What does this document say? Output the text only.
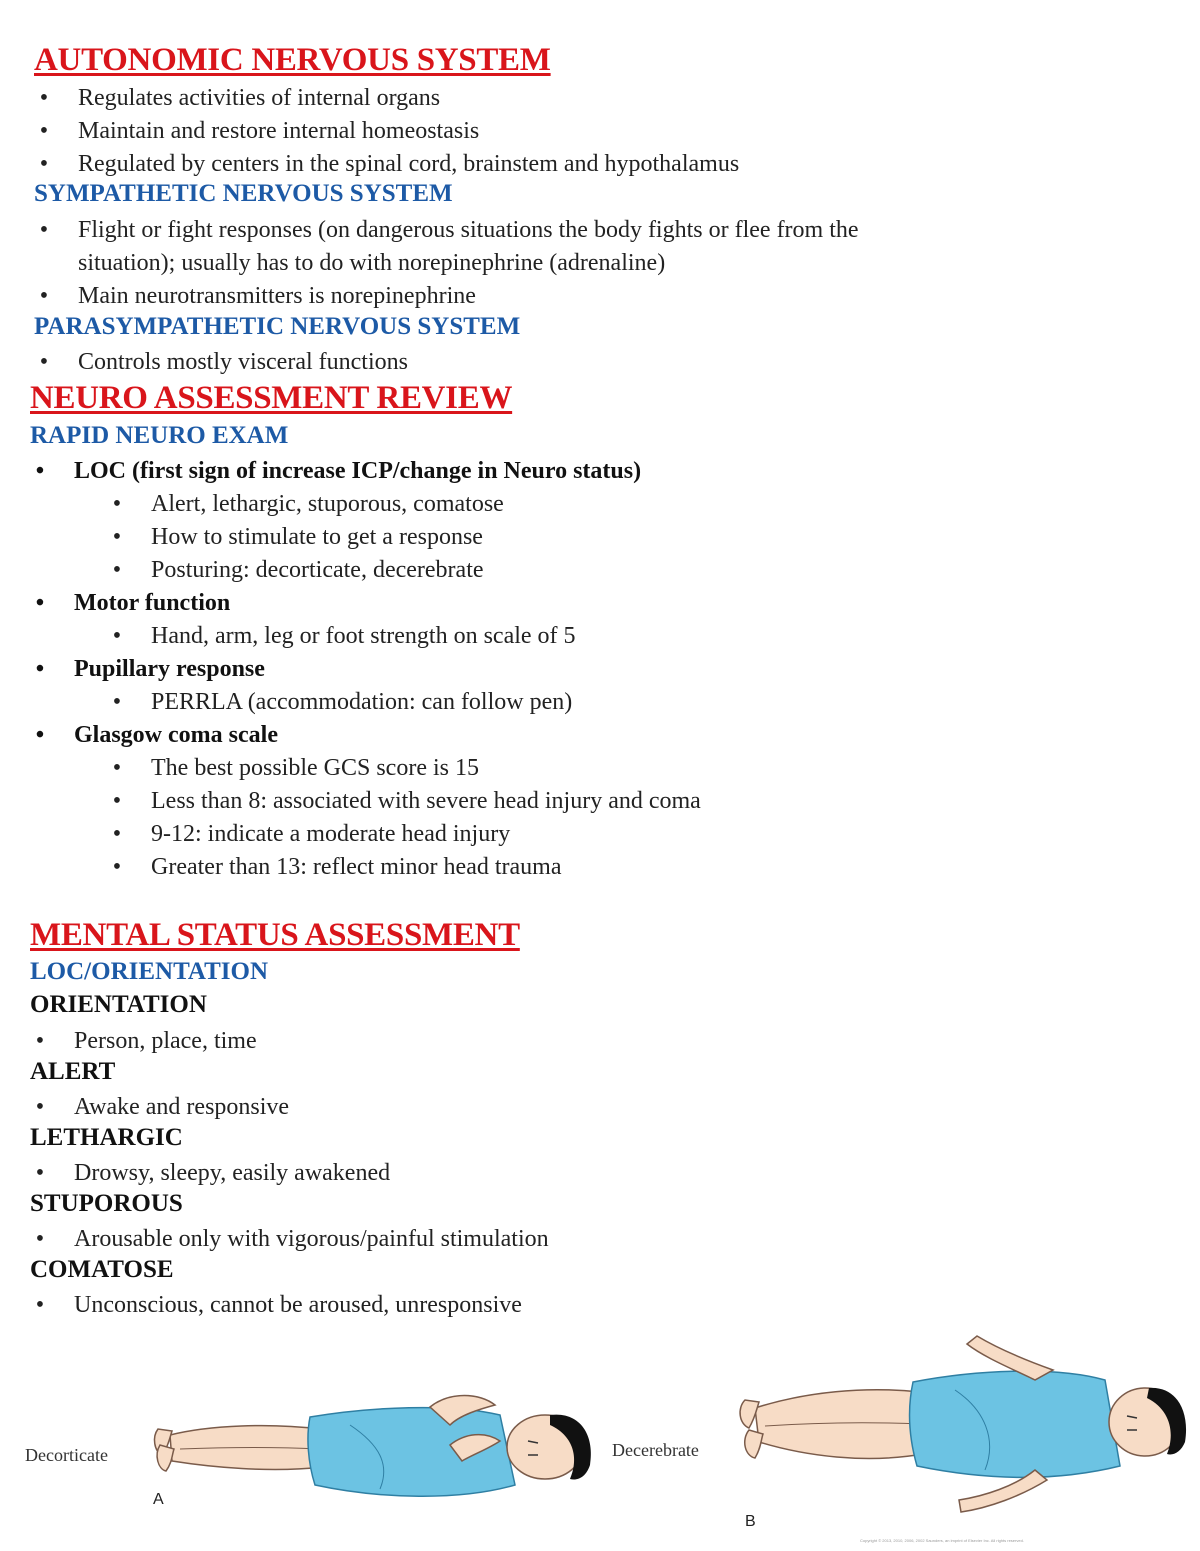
AUTONOMIC NERVOUS SYSTEM
• Regulates activities of internal organs
• Maintain and restore internal homeostasis
• Regulated by centers in the spinal cord, brainstem and hypothalamus
SYMPATHETIC NERVOUS SYSTEM
• Flight or fight responses (on dangerous situations the body fights or flee from the
situation); usually has to do with norepinephrine (adrenaline)
• Main neurotransmitters is norepinephrine
PARASYMPATHETIC NERVOUS SYSTEM
• Controls mostly visceral functions
NEURO ASSESSMENT REVIEW
RAPID NEURO EXAM
• LOC (first sign of increase ICP/change in Neuro status)
• Alert, lethargic, stuporous, comatose
• How to stimulate to get a response
• Posturing: decorticate, decerebrate
• Motor function
• Hand, arm, leg or foot strength on scale of 5
• Pupillary response
• PERRLA (accommodation: can follow pen)
• Glasgow coma scale
• The best possible GCS score is 15
• Less than 8: associated with severe head injury and coma
• 9-12: indicate a moderate head injury
• Greater than 13: reflect minor head trauma
MENTAL STATUS ASSESSMENT
LOC/ORIENTATION
ORIENTATION
• Person, place, time
ALERT
• Awake and responsive
LETHARGIC
• Drowsy, sleepy, easily awakened
STUPOROUS
• Arousable only with vigorous/painful stimulation
COMATOSE
• Unconscious, cannot be aroused, unresponsive
Decorticate
A
Decerebrate
B
Copyright © 2013, 2010, 2006, 2002 Saunders, an imprint of Elsevier Inc. All rights reserved.
